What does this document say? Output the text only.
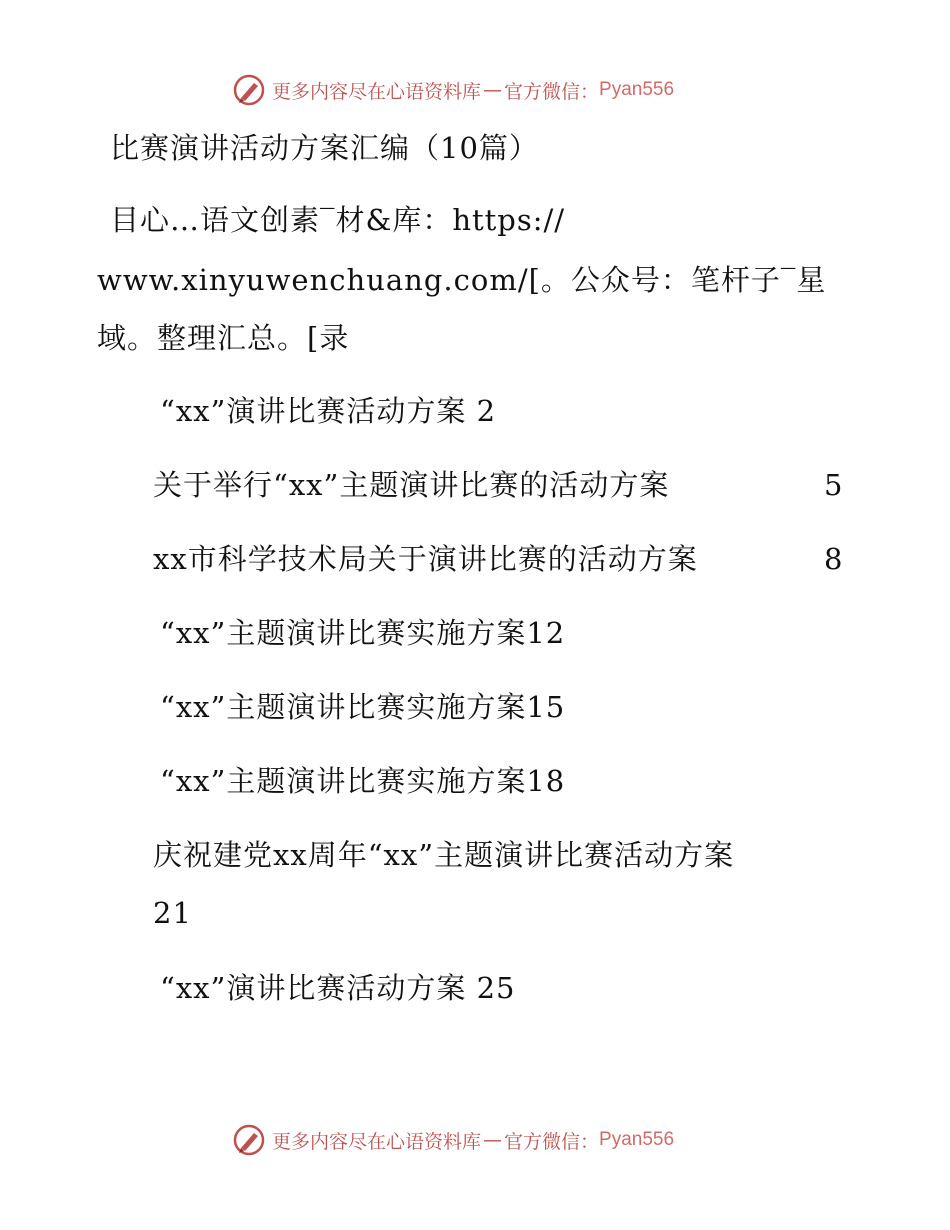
更多内容尽在心语资料库 — 官方微信： Pyan556
比赛演讲活动方案汇编（10篇）
目心…语文创素‾材&库：https://
www.xinyuwenchuang.com/[。公众号：笔杆子‾星
域。整理汇总。[录
“xx”演讲比赛活动方案 2
关于举行“xx”主题演讲比赛的活动方案	5
xx市科学技术局关于演讲比赛的活动方案	8
“xx”主题演讲比赛实施方案12
“xx”主题演讲比赛实施方案15
“xx”主题演讲比赛实施方案18
庆祝建党xx周年“xx”主题演讲比赛活动方案
21
“xx”演讲比赛活动方案 25
更多内容尽在心语资料库 — 官方微信： Pyan556
